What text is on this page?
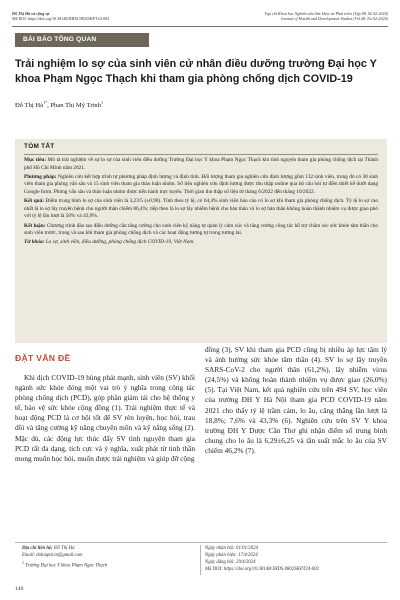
Đỗ Thị Hà và cộng sự
Mã DOI: https://doi.org/10.38148/JHDS.0802SKPT24-002
Tạp chí Khoa học Nghiên cứu Sức khỏe và Phát triển (Tập 08, Số 02-2024)
Journal of Health and Development Studies (Vol.08, No.02-2024)
BÀI BÁO TỔNG QUAN
Trải nghiệm lo sợ của sinh viên cử nhân điều dưỡng trường Đại học Y khoa Phạm Ngọc Thạch khi tham gia phòng chống dịch COVID-19
Đỗ Thị $Hà^{1*}$, Phan Thị Mỹ Trinh$^1$
TÓM TẮT

Mục tiêu: Mô tả trải nghiệm về sự lo sợ của sinh viên điều dưỡng Trường Đại học Y khoa Phạm Ngọc Thạch khi tình nguyện tham gia phòng chống dịch tại Thành phố Hồ Chí Minh năm 2021.

Phương pháp: Nghiên cứu kết hợp trình tự phương pháp định lượng và định tính. Đối tượng tham gia nghiên cứu định lượng gồm 132 sinh viên, trong đó có 30 sinh viên tham gia phỏng vấn sâu và 15 sinh viên tham gia thảo luận nhóm. Số liệu nghiên cứu định lượng được thu thập online qua bộ câu hỏi tự điền thiết kế dưới dạng Google form. Phỏng vấn sâu và thảo luận nhóm được tiến hành trực tuyến. Thời gian thu thập số liệu từ tháng 6/2022 đến tháng 10/2022.

Kết quả: Điểm trung bình lo sợ của sinh viên là 3,23/5 (±0,96). Tính theo tỷ lệ, có 64,4% sinh viên báo cáo có lo sợ khi tham gia phòng chống dịch. Tỷ lệ lo sợ cao nhất là lo sợ lây truyền bệnh cho người thân chiếm 86,4%; tiếp theo là lo sợ lây nhiễm bệnh cho bản thân và lo sợ bản thân không hoàn thành nhiệm vụ được giao phó với tỷ lệ lần lượt là 50% và 43,9%.

Kết luận: Chương trình đào tạo điều dưỡng cần tăng cường cho sinh viên kỹ năng tự quản lý cảm xúc và tăng cường công tác hỗ trợ chăm sóc sức khỏe tâm thần cho sinh viên trước, trong và sau khi tham gia phòng chống dịch và các hoạt động tương tự trong tương lai.

Từ khóa: Lo sợ, sinh viên, điều dưỡng, phòng chống dịch COVID-19, Việt Nam.

ĐẶT VẤN ĐỀ

Khi dịch COVID-19 bùng phát mạnh, sinh viên (SV) khối ngành sức khỏe đóng một vai trò ý nghĩa trong công tác phòng chống dịch (PCD), góp phần giảm tải cho hệ thống y tế, bảo vệ sức khỏe cộng đồng (1). Trải nghiệm thực tế và hoạt động PCD là cơ hội tốt để SV rèn luyện, học hỏi, trau dồi và tăng cường kỹ năng chuyên môn và kỹ năng sống (2). Mặc dù, các động lực thúc đẩy SV tình nguyện tham gia PCD rất đa dạng, tích cực và ý nghĩa, xuất phát từ tinh thần mong muốn học hỏi, muốn được trải nghiệm và giúp đỡ cộng

đồng (3), SV khi tham gia PCD cũng bị nhiều áp lực tâm lý và ảnh hưởng sức khỏe tâm thần (4). SV lo sợ lây truyền SARS-CoV-2 cho người thân (61,2%), lây nhiễm virus (24,5%) và không hoàn thành nhiệm vụ được giao (26,0%) (5). Tại Việt Nam, kết quả nghiên cứu trên 494 SV, học viên của trường ĐH Y Hà Nội tham gia PCD COVID-19 năm 2021 cho thấy tỷ lệ trầm cảm, lo âu, căng thẳng lần lượt là 18,8%; 7,6% và 43,3% (6). Nghiên cứu trên SV Y khoa trường ĐH Y Dược Cần Thơ ghi nhận điểm số trung bình chung cho lo âu là 6,29±6,25 và tần suất mắc lo âu của SV chiếm 46,2% (7).

Địa chỉ liên hệ: Đỗ Thị Hà
Email: dohaqmi.nt@gmail.com
$^1$ Trường Đại học Y khoa Phạm Ngọc Thạch
Ngày nhận bài: 01/01/2024
Ngày phản biện: 17/4/2024
Ngày đăng bài: 29/4/2024
Mã DOI: https://doi.org/10.38148/JHDS.0802SKPT24-002
140
